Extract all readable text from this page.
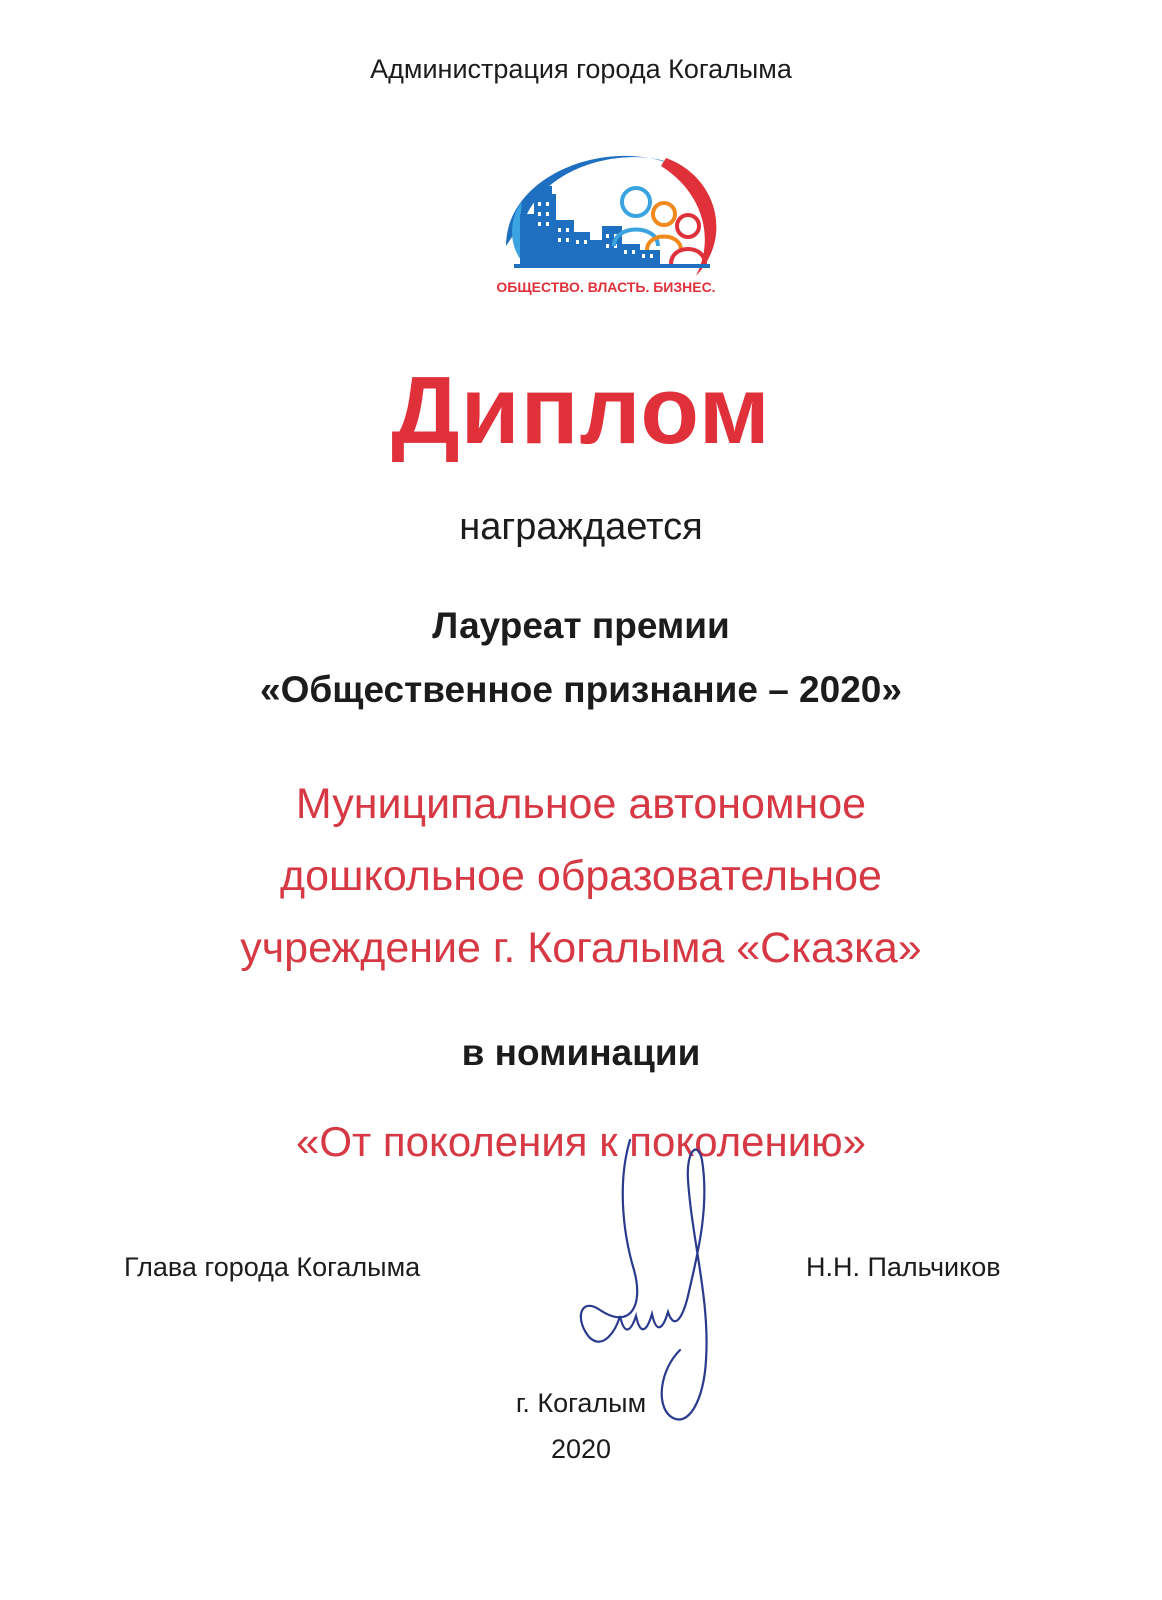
Администрация города Когалыма
ОБЩЕСТВО. ВЛАСТЬ. БИЗНЕС.
Диплом
награждается
Лауреат премии
«Общественное признание – 2020»
Муниципальное автономное
дошкольное образовательное
учреждение г. Когалыма «Сказка»
в номинации
«От поколения к поколению»
Глава города Когалыма	Н.Н. Пальчиков
г. Когалым
2020
